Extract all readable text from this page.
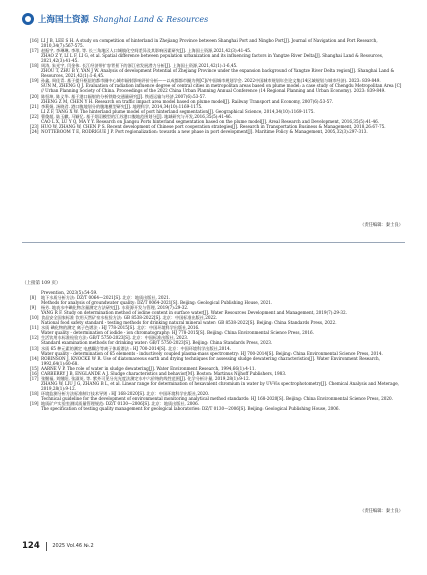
上海国土资源 Shanghai Land & Resources
[16] LI J B, LEE S H. A study on competition of hinterland in Zhejiang Province between Shanghai Port and Ningbo Port[J]. Journal of Navigation and Port Research, 2010,34(7):567-575.
[17] 赵振宇, 李琳琳, 李琼, 等. 长三角地区人口城镇化空间差异及其影响因素研究[J]. 上海国土资源,2021,42(3):41-45.
ZHAO Z Y, LI L F, LI G, et al. Spatial difference between population urbanization and its influencing factors in Yangtze River Delta[J]. Shanghai Land & Resources, 2021,42(3):41-45.
[18] 周涛, 朱光宇, 闫金伟. 长江经济带扩容背景下的浙江省发展潜力分析[J]. 上海国土资源,2021,42(1):1-6,45.
ZHOU T, ZHU B Y, YAN J W. Analysis of development Potential of Zhejiang Province under the expansion background of Yangtze River Delta region[J]. Shanghai Land & Resources, 2021,42(1):1-6,45.
[19] 孙鑫, 周佳青. 基于提升枢纽的都市圈中心城市辐射影响评价分析——以成都都市圈为例[C]//中国城市规划学会. 2022中国城市规划年会论文集(14区域规划与城市经济). 2023: 839-849.
SUN M, ZHENG Q J. Evaluation of radiation influence degree of central cities in metropolitan areas based on plume model: a case study of Chengdu Metropolitan Area [C] // Urban Planning Society of China. Proceedings of the 2022 China Urban Planning Annual Conference (14 Regional Planning and Urban Economy). 2023: 839-849.
[20] 陈恒坤, 陈义华. 基于港口辐射的分析铁路交通量研究[J]. 铁道运输与经济,2007(6):53-57.
ZHENG Z M, CHEN Y H. Research on traffic impact area model based on plume model[J]. Railway Transport and Economy, 2007(6):53-57.
[21] 李莉娟, 汤晓君. 港口腹地划分的腹地模型研究[J]. 地理科学, 2014,34(10):1169-1175.
LI Z F, TANG X W. The hinterland plume model of port hinterland segmentation[J]. Geographical Science, 2014,34(10):1169-1175.
[22] 曹俊超, 陆玉麒, 马颖忆. 基于烟羽模型的江苏港口腹地范围划分[J]. 地域研究与开发,2016,35(5):41-46.
CAO L X, LU Y Q, MA Y Y. Research on Jiangsu Ports hinterland segmentation based on the plume model[J]. Areal Research and Development, 2016,35(5):41-46.
[23] HUO W, ZHANG W, CHEN P S. Recent development of Chinese port cooperation strategies[J]. Research in Transportation Business & Management, 2018,26:67-75.
[24] NOTTEBOOM T E, RODRIGUE J P. Port regionalization: towards a new phase in port development[J]. Maritime Policy & Management, 2005,32(3):297-313.
（责任编辑：秦士良）
（上接第 109 页）
Prevention, 2023(5):54-59.
[8]	地下水质分析方法: DZ/T 0064—2021[S]. 北京：地质出版社, 2021.
Methods for analysis of groundwater quality: DZ/T 0064-2021[S]. Beijing: Geological Publishing House, 2021.
[9]	杨芳. 地表水中碘化物含量测定方法研究[J]. 水资源开发与管理, 2019(7):29-32.
YANG R F. Study on determination method of iodine content in surface water[J]. Water Resources Development and Management, 2019(7):29-32.
[10] 食品安全国家标准 饮用天然矿泉水检验方法: GB 8538-2022[S]. 北京：中国标准出版社,2022.
National food safety standard - testing methods for drinking natural mineral water: GB 8538-2022[S]. Beijing: China Standards Press, 2022.
[11] 水质 碘化物的测定 离子色谱法 : HJ 778-2015[S]. 北京：中国环境科学出版社,2016.
Water quality - determination of iodide - ion chromatography: HJ 778-2015[S]. Beijing: China Environmental Science Press, 2016.
[12] 生活饮用水标准检验方法: GB/T 5750-2023[S]. 北京：中国标准出版社, 2023.
Standard examination methods for drinking water: GB/T 5750-2023[S]. Beijing: China Standards Press, 2023.
[13] 水质 65 种元素的测定 电感耦合等离子体质谱法 : HJ 700-2014[S]. 北京：中国环境科学出版社,2014.
Water quality - determination of 65 elements - inductively coupled plasma-mass spectrometry: HJ 700-2014[S]. Beijing: China Environmental Science Press, 2014.
[14] ROBINSON J, KNOCKE W R. Use of diatomaceous earth and drying techniques for assessing sludge dewatering characteristics[J]. Water Environment Research, 1992,64(1):60-68.
[15] AARNE V P. The role of water in sludge dewatering[J]. Water Environment Research, 1994,66(1):4-11.
[16] CARBERRY J B, ENGLANDE A J. Sludge characteristics and behavior[M]. Boston: Martinus Nijhoff Publishers, 1983.
[17] 张继福, 刘继阳, 张淑英, 等. 紫外可见分光光度法测定水中六价铬的线性范围[J]. 化学分析计量, 2019,28(1):9-12.
ZHANG W, LIU J G, ZHANG B L, et al. Linear range for determination of hexavalent chromium in water by UV-Vis spectrophotometry[J]. Chemical Analysis and Meterage, 2019,28(1):9-12.
[18] 环境监测分析方法标准制订技术导则 : HJ 168-2020[S]. 北京：中国环境科学出版社,2020.
Technical guideline for the development of environmental monitoring analytical method standards: HJ 168-2020[S]. Beijing: China Environmental Science Press, 2020.
[19] 地质矿产实验室测试质量管理规范: DZ/T 0130—2006[S]. 北京：地质出版社, 2006.
The specification of testing quality management for geological laboratories: DZ/T 0130—2006[S]. Beijing: Geological Publishing House, 2006.
（责任编辑：秦士良）
124	2025 Vol.46 №.2
